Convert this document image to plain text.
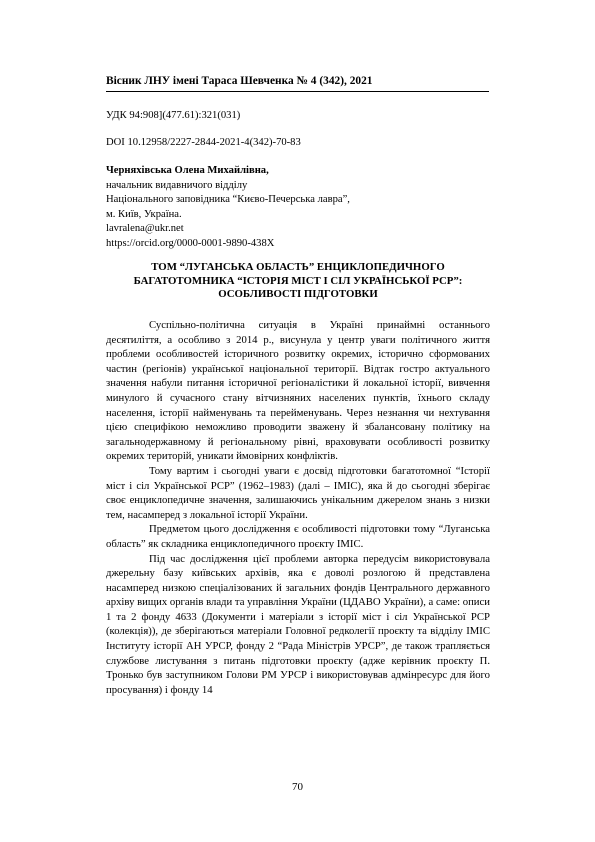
Вісник ЛНУ імені Тараса Шевченка № 4 (342), 2021
УДК 94:908](477.61):321(031)
DOI 10.12958/2227-2844-2021-4(342)-70-83
Черняхівська Олена Михайлівна,
начальник видавничого відділу
Національного заповідника “Києво-Печерська лавра”,
м. Київ, Україна.
lavralena@ukr.net
https://orcid.org/0000-0001-9890-438X
ТОМ “ЛУГАНСЬКА ОБЛАСТЬ” ЕНЦИКЛОПЕДИЧНОГО
БАГАТОТОМНИКА “ІСТОРІЯ МІСТ І СІЛ УКРАЇНСЬКОЇ РСР”:
ОСОБЛИВОСТІ ПІДГОТОВКИ

Суспільно-політична ситуація в Україні принаймні останнього десятиліття, а особливо з 2014 р., висунула у центр уваги політичного життя проблеми особливостей історичного розвитку окремих, історично сформованих частин (регіонів) української національної території. Відтак гостро актуального значення набули питання історичної регіоналістики й локальної історії, вивчення минулого й сучасного стану вітчизняних населених пунктів, їхнього складу населення, історії найменувань та перейменувань. Через незнання чи нехтування цією специфікою неможливо проводити зважену й збалансовану політику на загальнодержавному й регіональному рівні, враховувати особливості розвитку окремих територій, уникати ймовірних конфліктів.

Тому вартим і сьогодні уваги є досвід підготовки багатотомної “Історії міст і сіл Української РСР” (1962–1983) (далі – ІМІС), яка й до сьогодні зберігає своє енциклопедичне значення, залишаючись унікальним джерелом знань з низки тем, насамперед з локальної історії України.

Предметом цього дослідження є особливості підготовки тому “Луганська область” як складника енциклопедичного проєкту ІМІС.

Під час дослідження цієї проблеми авторка передусім використовувала джерельну базу київських архівів, яка є доволі розлогою й представлена насамперед низкою спеціалізованих й загальних фондів Центрального державного архіву вищих органів влади та управління України (ЦДАВО України), а саме: описи 1 та 2 фонду 4633 (Документи і матеріали з історії міст і сіл Української РСР (колекція)), де зберігаються матеріали Головної редколегії проєкту та відділу ІМІС Інституту історії АН УРСР, фонду 2 “Рада Міністрів УРСР”, де також трапляється службове листування з питань підготовки проєкту (адже керівник проєкту П. Тронько був заступником Голови РМ УРСР і використовував адмінресурс для його просування) і фонду 14

70
